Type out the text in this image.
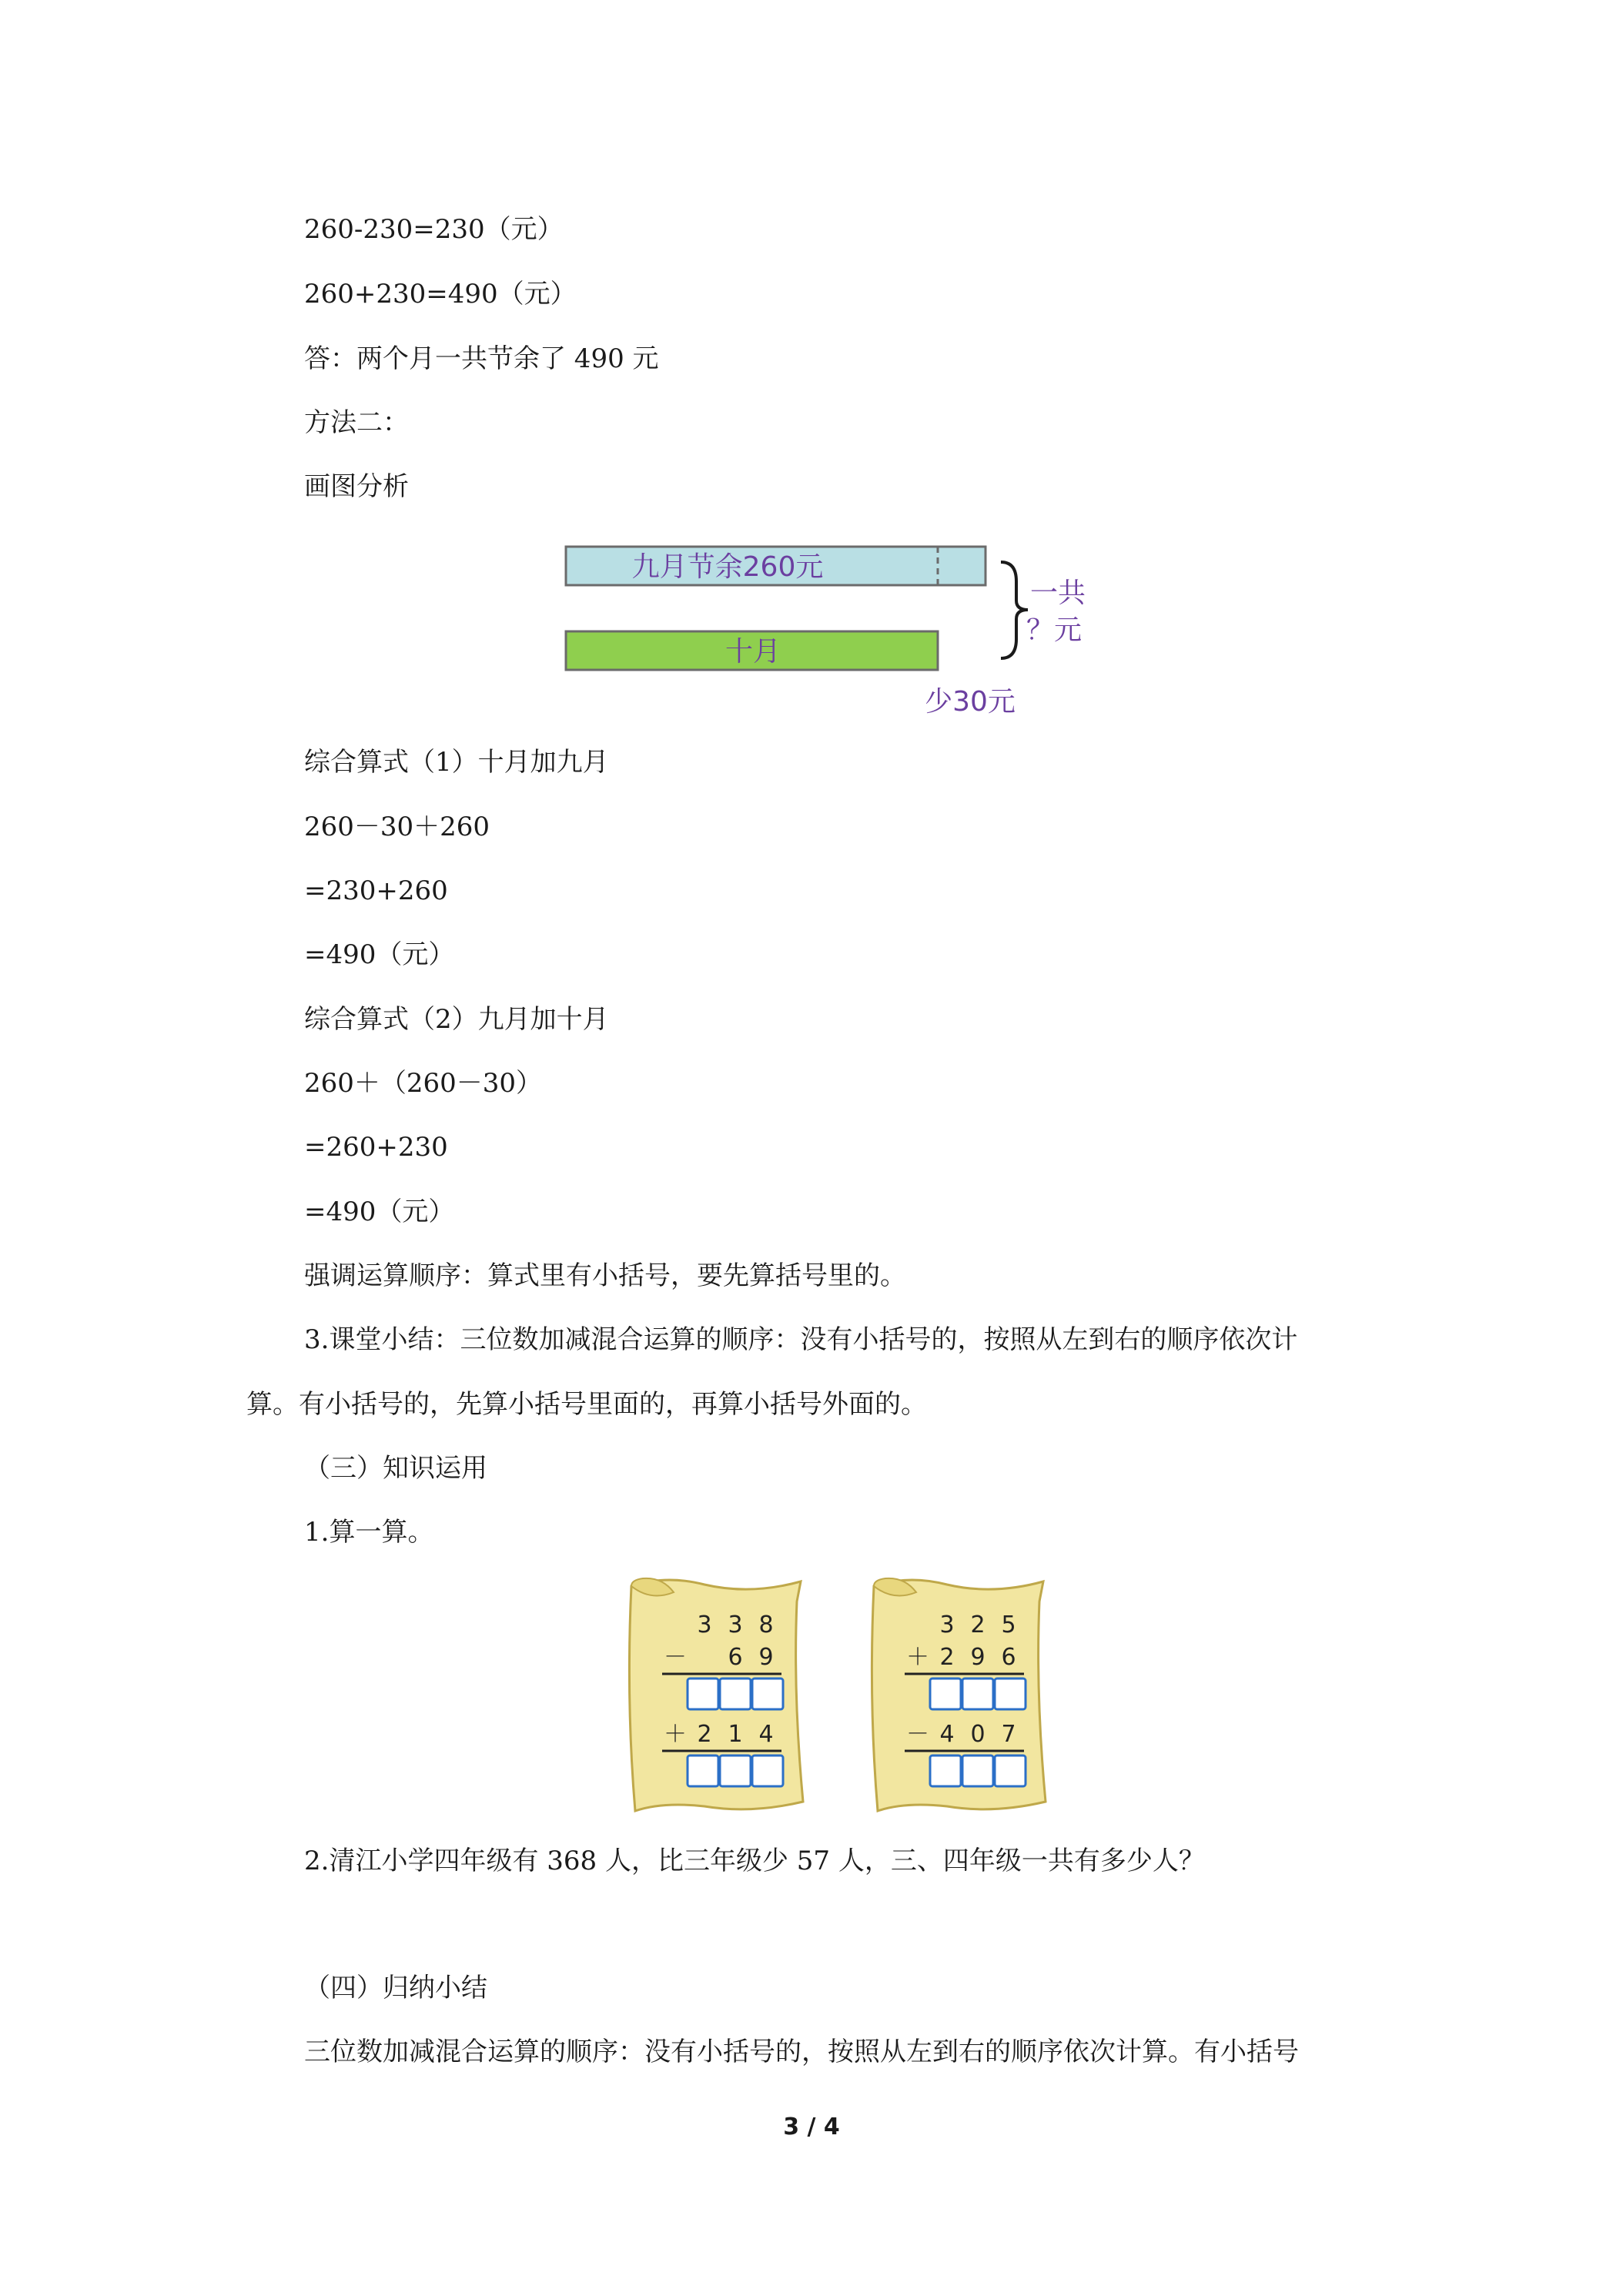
260-230=230（元）
260+230=490（元）
答：两个月一共节余了 490 元
方法二：
画图分析
九月节余260元
十月
一共
？元
少30元
综合算式（1）十月加九月
260－30＋260
=230+260
=490（元）
综合算式（2）九月加十月
260＋（260－30）
=260+230
=490（元）
强调运算顺序：算式里有小括号，要先算括号里的。
3.课堂小结：三位数加减混合运算的顺序：没有小括号的，按照从左到右的顺序依次计
算。有小括号的，先算小括号里面的，再算小括号外面的。
（三）知识运用
1.算一算。
3 3 8
－ 6 9
＋ 2 1 4
3 2 5
＋ 2 9 6
－ 4 0 7
2.清江小学四年级有 368 人，比三年级少 57 人，三、四年级一共有多少人？
（四）归纳小结
三位数加减混合运算的顺序：没有小括号的，按照从左到右的顺序依次计算。有小括号
3 / 4
